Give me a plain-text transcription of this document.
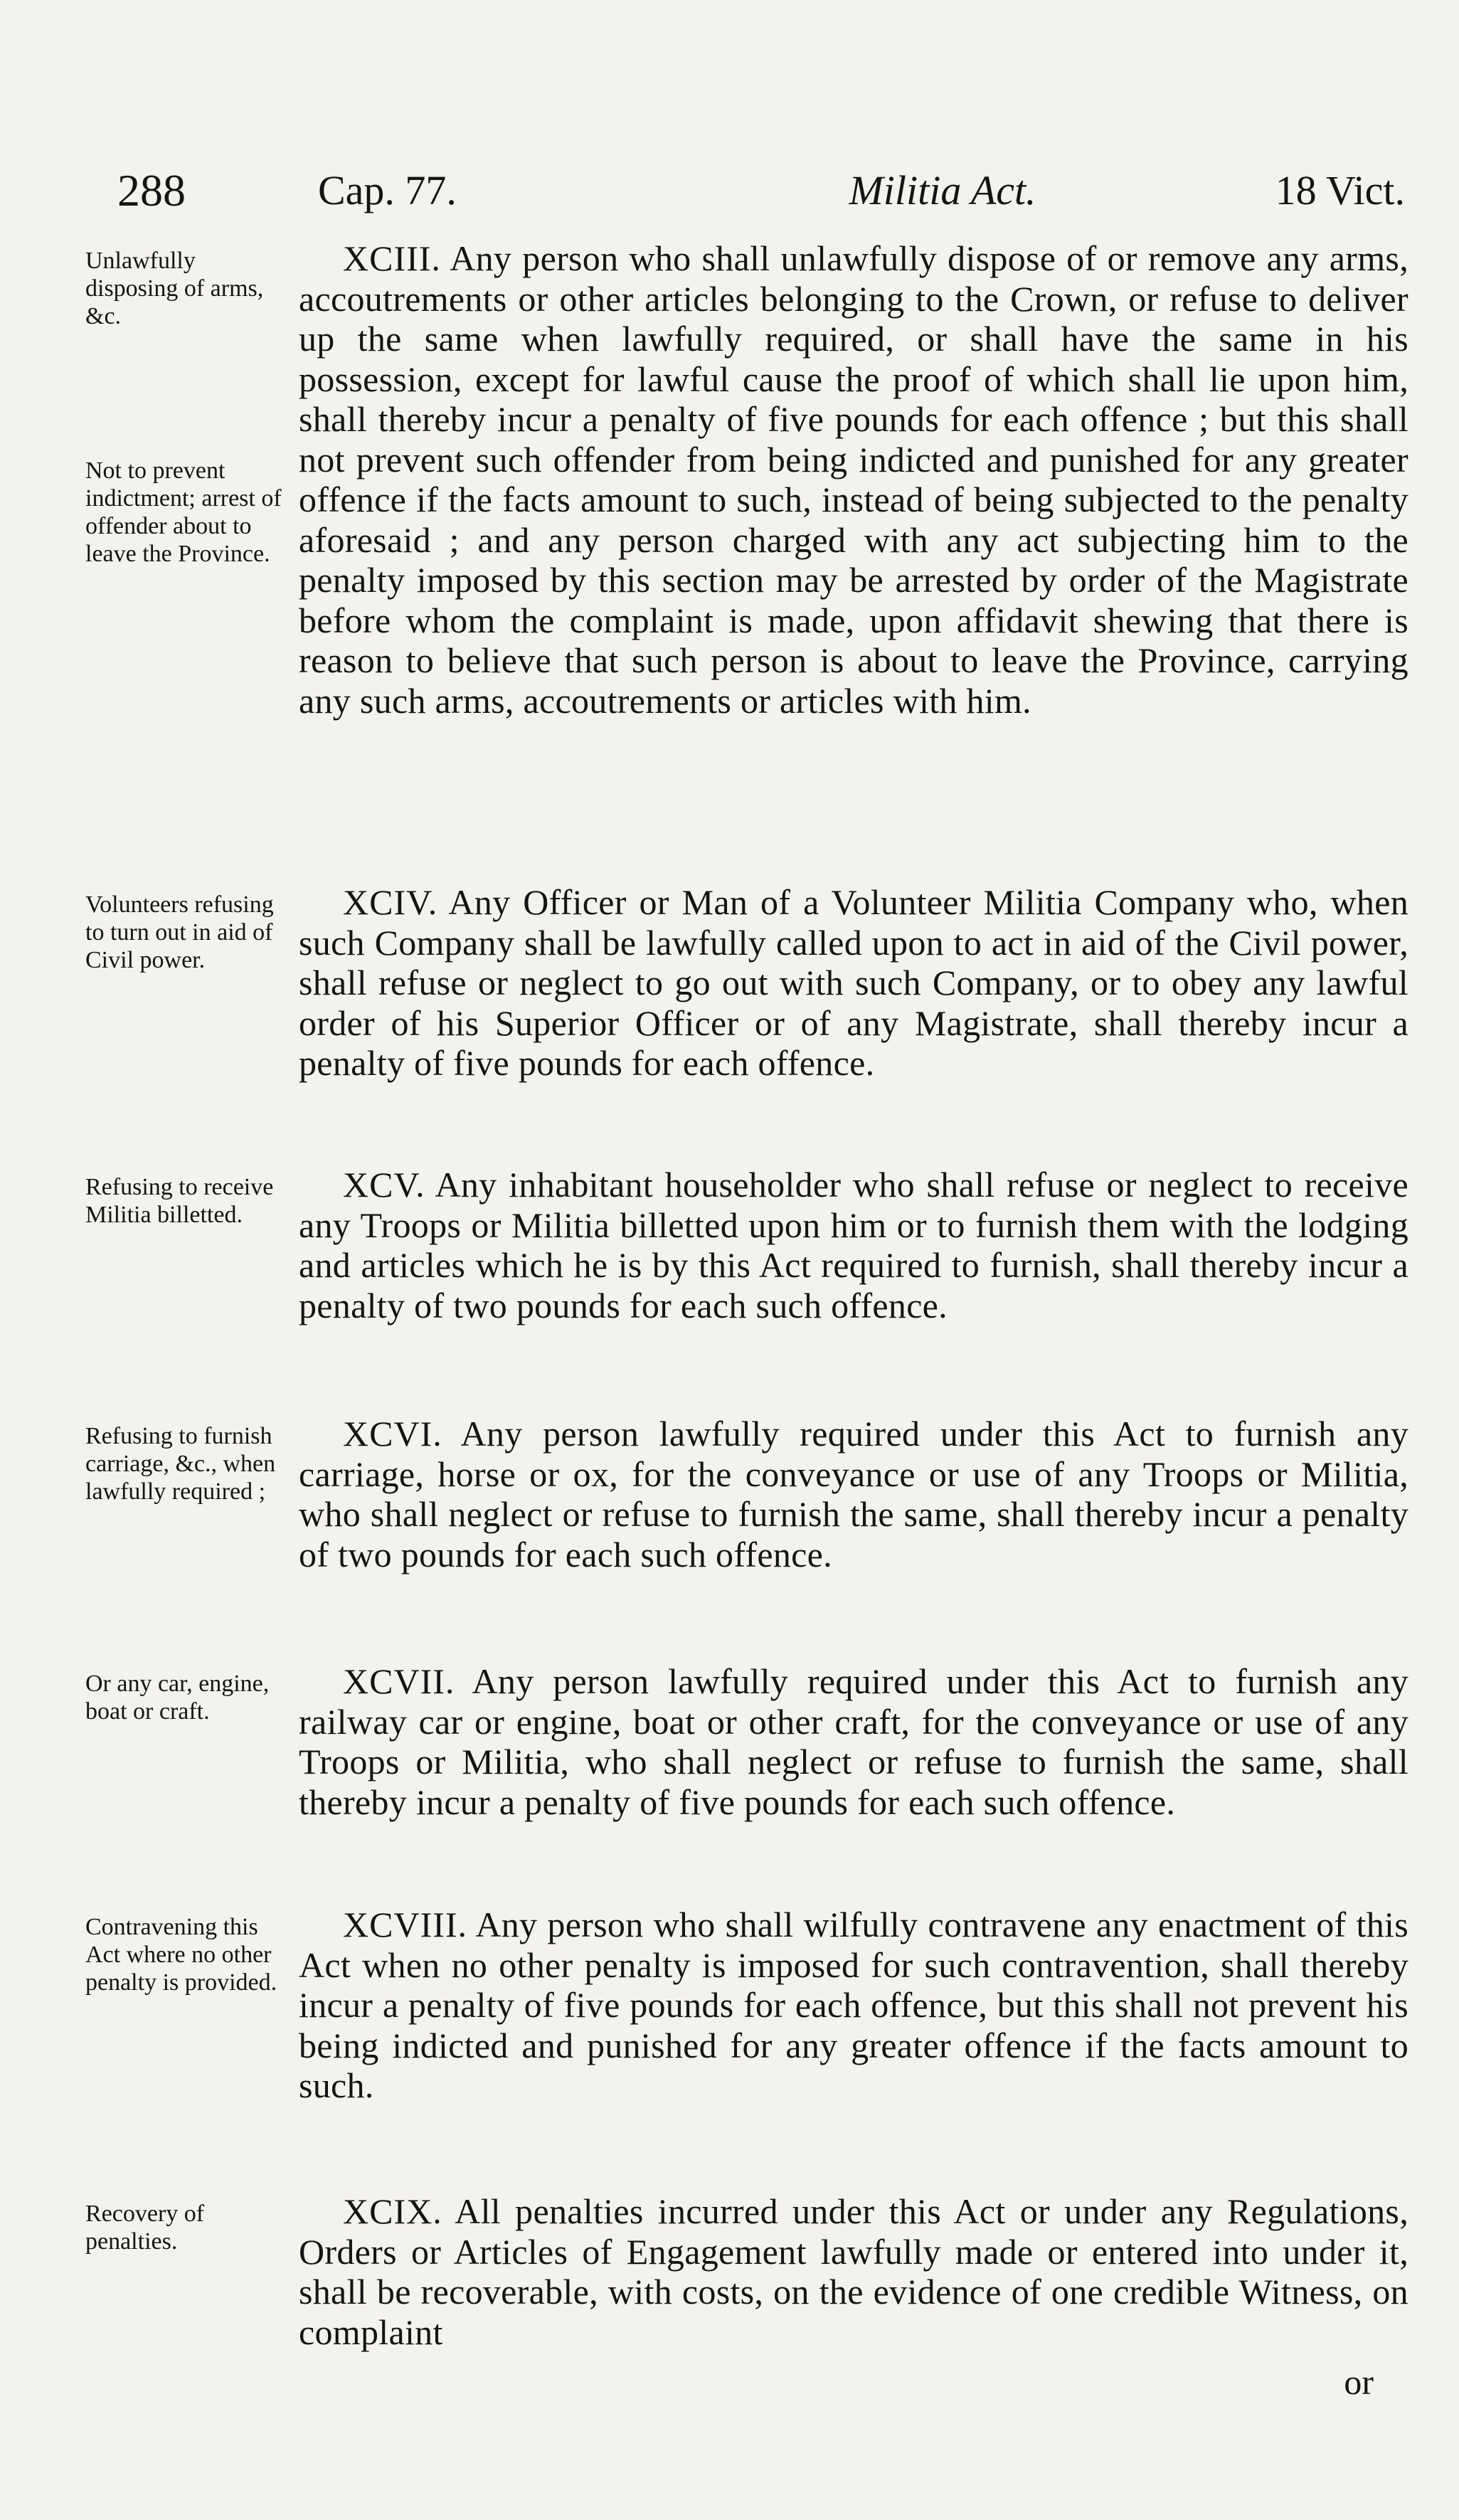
288	Cap. 77.	Militia Act.	18 Vict.
Unlawfully disposing of arms, &c.
Not to prevent indictment; arrest of offender about to leave the Province.

XCIII. Any person who shall unlawfully dispose of or remove any arms, accoutrements or other articles belonging to the Crown, or refuse to deliver up the same when lawfully required, or shall have the same in his possession, except for lawful cause the proof of which shall lie upon him, shall thereby incur a penalty of five pounds for each offence ; but this shall not prevent such offender from being indicted and punished for any greater offence if the facts amount to such, instead of being subjected to the penalty aforesaid ; and any person charged with any act subjecting him to the penalty imposed by this section may be arrested by order of the Magistrate before whom the complaint is made, upon affidavit shewing that there is reason to believe that such person is about to leave the Province, carrying any such arms, accoutrements or articles with him.

Volunteers refusing to turn out in aid of Civil power.

XCIV. Any Officer or Man of a Volunteer Militia Company who, when such Company shall be lawfully called upon to act in aid of the Civil power, shall refuse or neglect to go out with such Company, or to obey any lawful order of his Superior Officer or of any Magistrate, shall thereby incur a penalty of five pounds for each offence.

Refusing to receive Militia billetted.

XCV. Any inhabitant householder who shall refuse or neglect to receive any Troops or Militia billetted upon him or to furnish them with the lodging and articles which he is by this Act required to furnish, shall thereby incur a penalty of two pounds for each such offence.

Refusing to furnish carriage, &c., when lawfully required ;

XCVI. Any person lawfully required under this Act to furnish any carriage, horse or ox, for the conveyance or use of any Troops or Militia, who shall neglect or refuse to furnish the same, shall thereby incur a penalty of two pounds for each such offence.

Or any car, engine, boat or craft.

XCVII. Any person lawfully required under this Act to furnish any railway car or engine, boat or other craft, for the conveyance or use of any Troops or Militia, who shall neglect or refuse to furnish the same, shall thereby incur a penalty of five pounds for each such offence.

Contravening this Act where no other penalty is provided.

XCVIII. Any person who shall wilfully contravene any enactment of this Act when no other penalty is imposed for such contravention, shall thereby incur a penalty of five pounds for each offence, but this shall not prevent his being indicted and punished for any greater offence if the facts amount to such.

Recovery of penalties.

XCIX. All penalties incurred under this Act or under any Regulations, Orders or Articles of Engagement lawfully made or entered into under it, shall be recoverable, with costs, on the evidence of one credible Witness, on complaint

or
